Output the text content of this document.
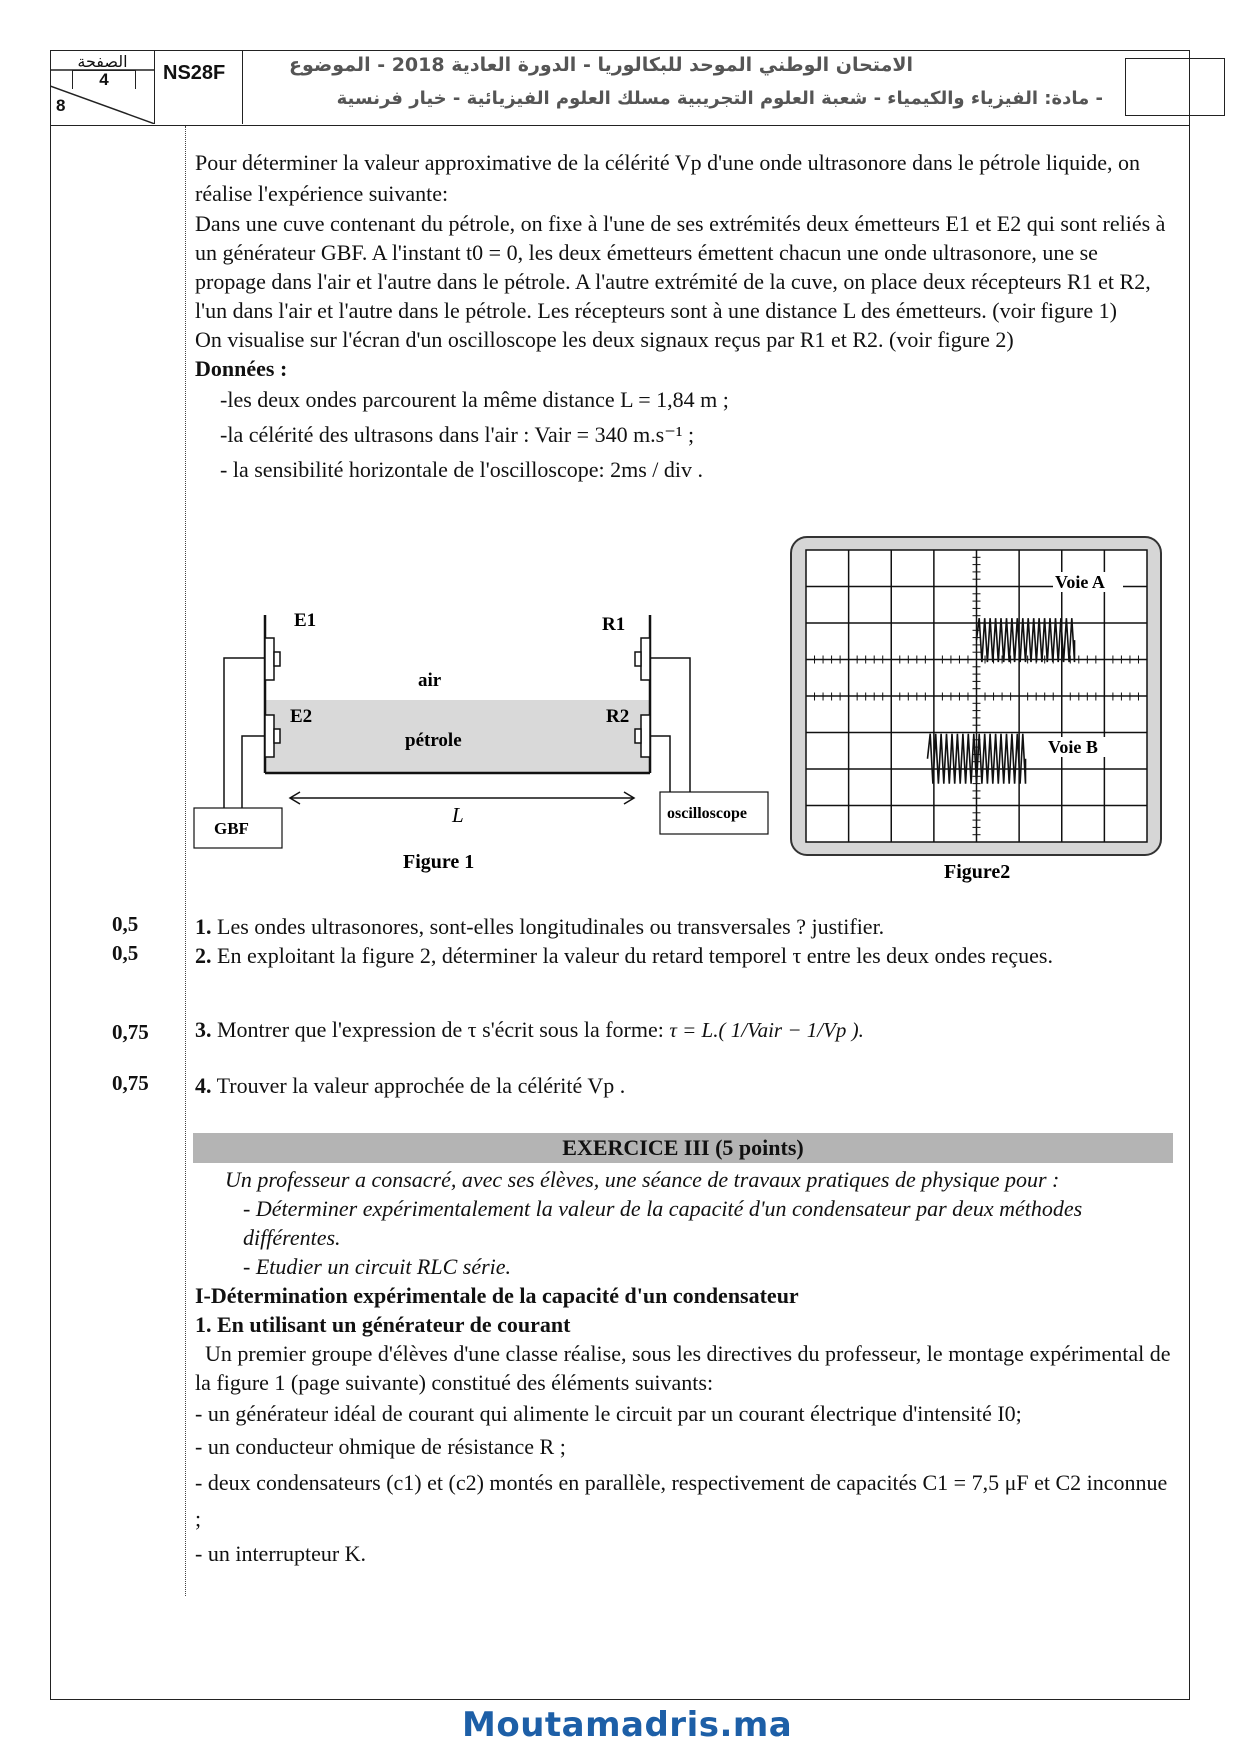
الصفحة
4
8
NS28F	الامتحان الوطني الموحد للبكالوريا - الدورة العادية 2018 - الموضوع
- مادة: الفيزياء والكيمياء - شعبة العلوم التجريبية مسلك العلوم الفيزيائية - خيار فرنسية

Pour déterminer la valeur approximative de la célérité Vp d'une onde ultrasonore dans le pétrole liquide, on réalise l'expérience suivante:

Dans une cuve contenant du pétrole, on fixe à l'une de ses extrémités deux émetteurs E1 et E2 qui sont reliés à un générateur GBF. A l'instant t0 = 0, les deux émetteurs émettent chacun une onde ultrasonore, une se propage dans l'air et l'autre dans le pétrole. A l'autre extrémité de la cuve, on place deux récepteurs R1 et R2, l'un dans l'air et l'autre dans le pétrole. Les récepteurs sont à une distance L des émetteurs. (voir figure 1)

On visualise sur l'écran d'un oscilloscope les deux signaux reçus par R1 et R2. (voir figure 2)

Données :

-les deux ondes parcourent la même distance L = 1,84 m ;

-la célérité des ultrasons dans l'air : Vair = 340 m.s⁻¹ ;

- la sensibilité horizontale de l'oscilloscope: 2ms / div .

E1
E2
R1
R2
air
pétrole
GBF
oscilloscope
L
Figure 1
Voie A
Voie B
Figure2
0,5	1. Les ondes ultrasonores, sont-elles longitudinales ou transversales ? justifier.

0,5	2. En exploitant la figure 2, déterminer la valeur du retard temporel τ entre les deux ondes reçues.

0,75 3. Montrer que l'expression de τ s'écrit sous la forme: τ = L.( 1/Vair − 1/Vp ).

0,75 4. Trouver la valeur approchée de la célérité Vp .

EXERCICE III (5 points)

Un professeur a consacré, avec ses élèves, une séance de travaux pratiques de physique pour :

- Déterminer expérimentalement la valeur de la capacité d'un condensateur par deux méthodes différentes.

- Etudier un circuit RLC série.

I-Détermination expérimentale de la capacité d'un condensateur

1. En utilisant un générateur de courant

Un premier groupe d'élèves d'une classe réalise, sous les directives du professeur, le montage expérimental de la figure 1 (page suivante) constitué des éléments suivants:

- un générateur idéal de courant qui alimente le circuit par un courant électrique d'intensité I0;

- un conducteur ohmique de résistance R ;

- deux condensateurs (c1) et (c2) montés en parallèle, respectivement de capacités C1 = 7,5 μF et C2 inconnue ;

- un interrupteur K.

Moutamadris.ma
